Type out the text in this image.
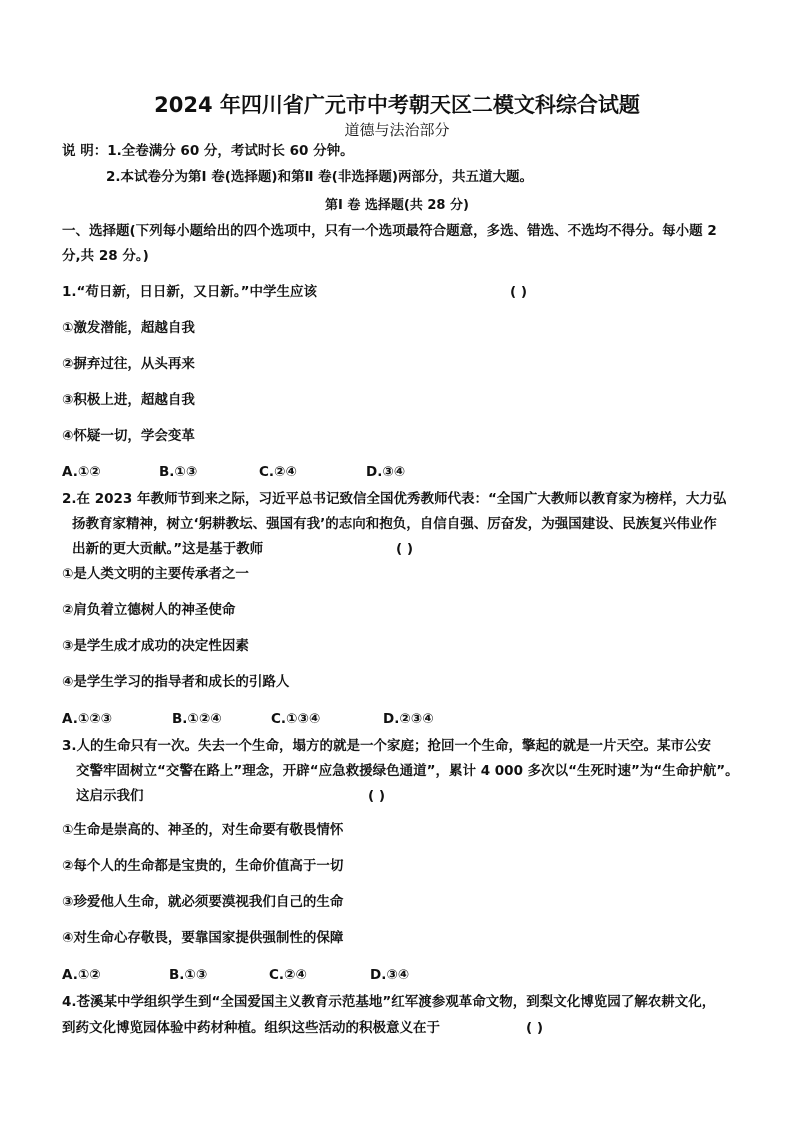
2024 年四川省广元市中考朝天区二模文科综合试题
道德与法治部分
说 明：1.全卷满分 60 分，考试时长 60 分钟。
2.本试卷分为第Ⅰ 卷(选择题)和第Ⅱ 卷(非选择题)两部分，共五道大题。
第Ⅰ 卷 选择题(共 28 分)
一、选择题(下列每小题给出的四个选项中，只有一个选项最符合题意，多选、错选、不选均不得分。每小题 2
分,共 28 分。)
1.“苟日新，日日新，又日新。”中学生应该	( )
①激发潜能，超越自我
②摒弃过往，从头再来
③积极上进，超越自我
④怀疑一切，学会变革
A.①②	B.①③	C.②④	D.③④
2.在 2023 年教师节到来之际，习近平总书记致信全国优秀教师代表：“全国广大教师以教育家为榜样，大力弘
扬教育家精神，树立‘躬耕教坛、强国有我’的志向和抱负，自信自强、厉奋发，为强国建设、民族复兴伟业作
出新的更大贡献。”这是基于教师	( )
①是人类文明的主要传承者之一
②肩负着立德树人的神圣使命
③是学生成才成功的决定性因素
④是学生学习的指导者和成长的引路人
A.①②③	B.①②④	C.①③④	D.②③④
3.人的生命只有一次。失去一个生命，塌方的就是一个家庭；抢回一个生命，擎起的就是一片天空。某市公安
交警牢固树立“交警在路上”理念，开辟“应急救援绿色通道”，累计 4 000 多次以“生死时速”为“生命护航”。
这启示我们	( )
①生命是崇高的、神圣的，对生命要有敬畏情怀
②每个人的生命都是宝贵的，生命价值高于一切
③珍爱他人生命，就必须要漠视我们自己的生命
④对生命心存敬畏，要靠国家提供强制性的保障
A.①②	B.①③	C.②④	D.③④
4.苍溪某中学组织学生到“全国爱国主义教育示范基地”红军渡参观革命文物，到梨文化博览园了解农耕文化，
到药文化博览园体验中药材种植。组织这些活动的积极意义在于	( )
